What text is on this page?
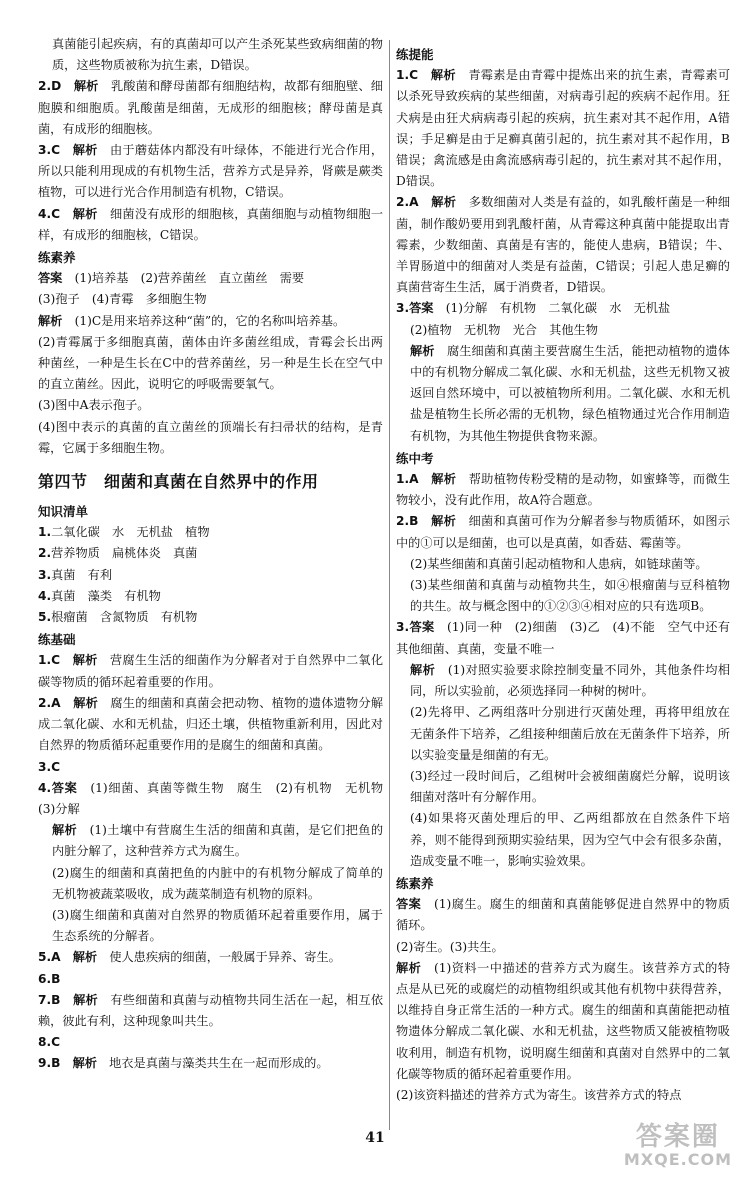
真菌能引起疾病，有的真菌却可以产生杀死某些致病细菌的物质，这些物质被称为抗生素，D错误。

2.D　 解析　 乳酸菌和酵母菌都有细胞结构，故都有细胞壁、细胞膜和细胞质。乳酸菌是细菌，无成形的细胞核；酵母菌是真菌，有成形的细胞核。

3.C　 解析　 由于蘑菇体内都没有叶绿体，不能进行光合作用，所以只能利用现成的有机物生活，营养方式是异养，肾蕨是蕨类植物，可以进行光合作用制造有机物，C错误。

4.C　 解析　 细菌没有成形的细胞核，真菌细胞与动植物细胞一样，有成形的细胞核，C错误。

练素养

答案　 (1)培养基　(2)营养菌丝　直立菌丝　需要

(3)孢子　(4)青霉　多细胞生物

解析　 (1)C是用来培养这种“菌”的，它的名称叫培养基。

(2)青霉属于多细胞真菌，菌体由许多菌丝组成，青霉会长出两种菌丝，一种是生长在C中的营养菌丝，另一种是生长在空气中的直立菌丝。因此，说明它的呼吸需要氧气。

(3)图中A表示孢子。

(4)图中表示的真菌的直立菌丝的顶端长有扫帚状的结构，是青霉，它属于多细胞生物。

第四节　细菌和真菌在自然界中的作用

知识清单

1.二氧化碳　水　无机盐　植物

2.营养物质　扁桃体炎　真菌

3.真菌　有利

4.真菌　藻类　有机物

5.根瘤菌　含氮物质　有机物

练基础

1.C　 解析　 营腐生生活的细菌作为分解者对于自然界中二氧化碳等物质的循环起着重要的作用。

2.A　 解析　 腐生的细菌和真菌会把动物、植物的遗体遗物分解成二氧化碳、水和无机盐，归还土壤，供植物重新利用，因此对自然界的物质循环起重要作用的是腐生的细菌和真菌。

3.C

4.答案　 (1)细菌、真菌等微生物　腐生　(2)有机物　无机物　(3)分解

解析　 (1)土壤中有营腐生生活的细菌和真菌，是它们把鱼的内脏分解了，这种营养方式为腐生。

(2)腐生的细菌和真菌把鱼的内脏中的有机物分解成了简单的无机物被蔬菜吸收，成为蔬菜制造有机物的原料。

(3)腐生细菌和真菌对自然界的物质循环起着重要作用，属于生态系统的分解者。

5.A　 解析　 使人患疾病的细菌，一般属于异养、寄生。

6.B

7.B　 解析　 有些细菌和真菌与动植物共同生活在一起，相互依赖，彼此有利，这种现象叫共生。

8.C

9.B　 解析　 地衣是真菌与藻类共生在一起而形成的。

练提能

1.C　 解析　 青霉素是由青霉中提炼出来的抗生素，青霉素可以杀死导致疾病的某些细菌，对病毒引起的疾病不起作用。狂犬病是由狂犬病病毒引起的疾病，抗生素对其不起作用，A错误；手足癣是由于足癣真菌引起的，抗生素对其不起作用，B错误；禽流感是由禽流感病毒引起的，抗生素对其不起作用，D错误。

2.A　 解析　 多数细菌对人类是有益的，如乳酸杆菌是一种细菌，制作酸奶要用到乳酸杆菌，从青霉这种真菌中能提取出青霉素，少数细菌、真菌是有害的，能使人患病，B错误；牛、羊胃肠道中的细菌对人类是有益菌，C错误；引起人患足癣的真菌营寄生生活，属于消费者，D错误。

3.答案　 (1)分解　有机物　二氧化碳　水　无机盐

(2)植物　无机物　光合　其他生物

解析　 腐生细菌和真菌主要营腐生生活，能把动植物的遗体中的有机物分解成二氧化碳、水和无机盐，这些无机物又被返回自然环境中，可以被植物所利用。二氧化碳、水和无机盐是植物生长所必需的无机物，绿色植物通过光合作用制造有机物，为其他生物提供食物来源。

练中考

1.A　 解析　 帮助植物传粉受精的是动物，如蜜蜂等，而微生物较小，没有此作用，故A符合题意。

2.B　 解析　 细菌和真菌可作为分解者参与物质循环，如图示中的①可以是细菌，也可以是真菌，如香菇、霉菌等。

(2)某些细菌和真菌引起动植物和人患病，如链球菌等。

(3)某些细菌和真菌与动植物共生，如④根瘤菌与豆科植物的共生。故与概念图中的①②③④相对应的只有选项B。

3.答案　 (1)同一种　(2)细菌　(3)乙　(4)不能　空气中还有其他细菌、真菌，变量不唯一

解析　 (1)对照实验要求除控制变量不同外，其他条件均相同，所以实验前，必须选择同一种树的树叶。

(2)先将甲、乙两组落叶分别进行灭菌处理，再将甲组放在无菌条件下培养，乙组接种细菌后放在无菌条件下培养，所以实验变量是细菌的有无。

(3)经过一段时间后，乙组树叶会被细菌腐烂分解，说明该细菌对落叶有分解作用。

(4)如果将灭菌处理后的甲、乙两组都放在自然条件下培养，则不能得到预期实验结果，因为空气中会有很多杂菌，造成变量不唯一，影响实验效果。

练素养

答案　 (1)腐生。腐生的细菌和真菌能够促进自然界中的物质循环。

(2)寄生。(3)共生。

解析　 (1)资料一中描述的营养方式为腐生。该营养方式的特点是从已死的或腐烂的动植物组织或其他有机物中获得营养，以维持自身正常生活的一种方式。腐生的细菌和真菌能把动植物遗体分解成二氧化碳、水和无机盐，这些物质又能被植物吸收利用，制造有机物，说明腐生细菌和真菌对自然界中的二氧化碳等物质的循环起着重要作用。

(2)该资料描述的营养方式为寄生。该营养方式的特点

41	答案圈
MXQE.COM
